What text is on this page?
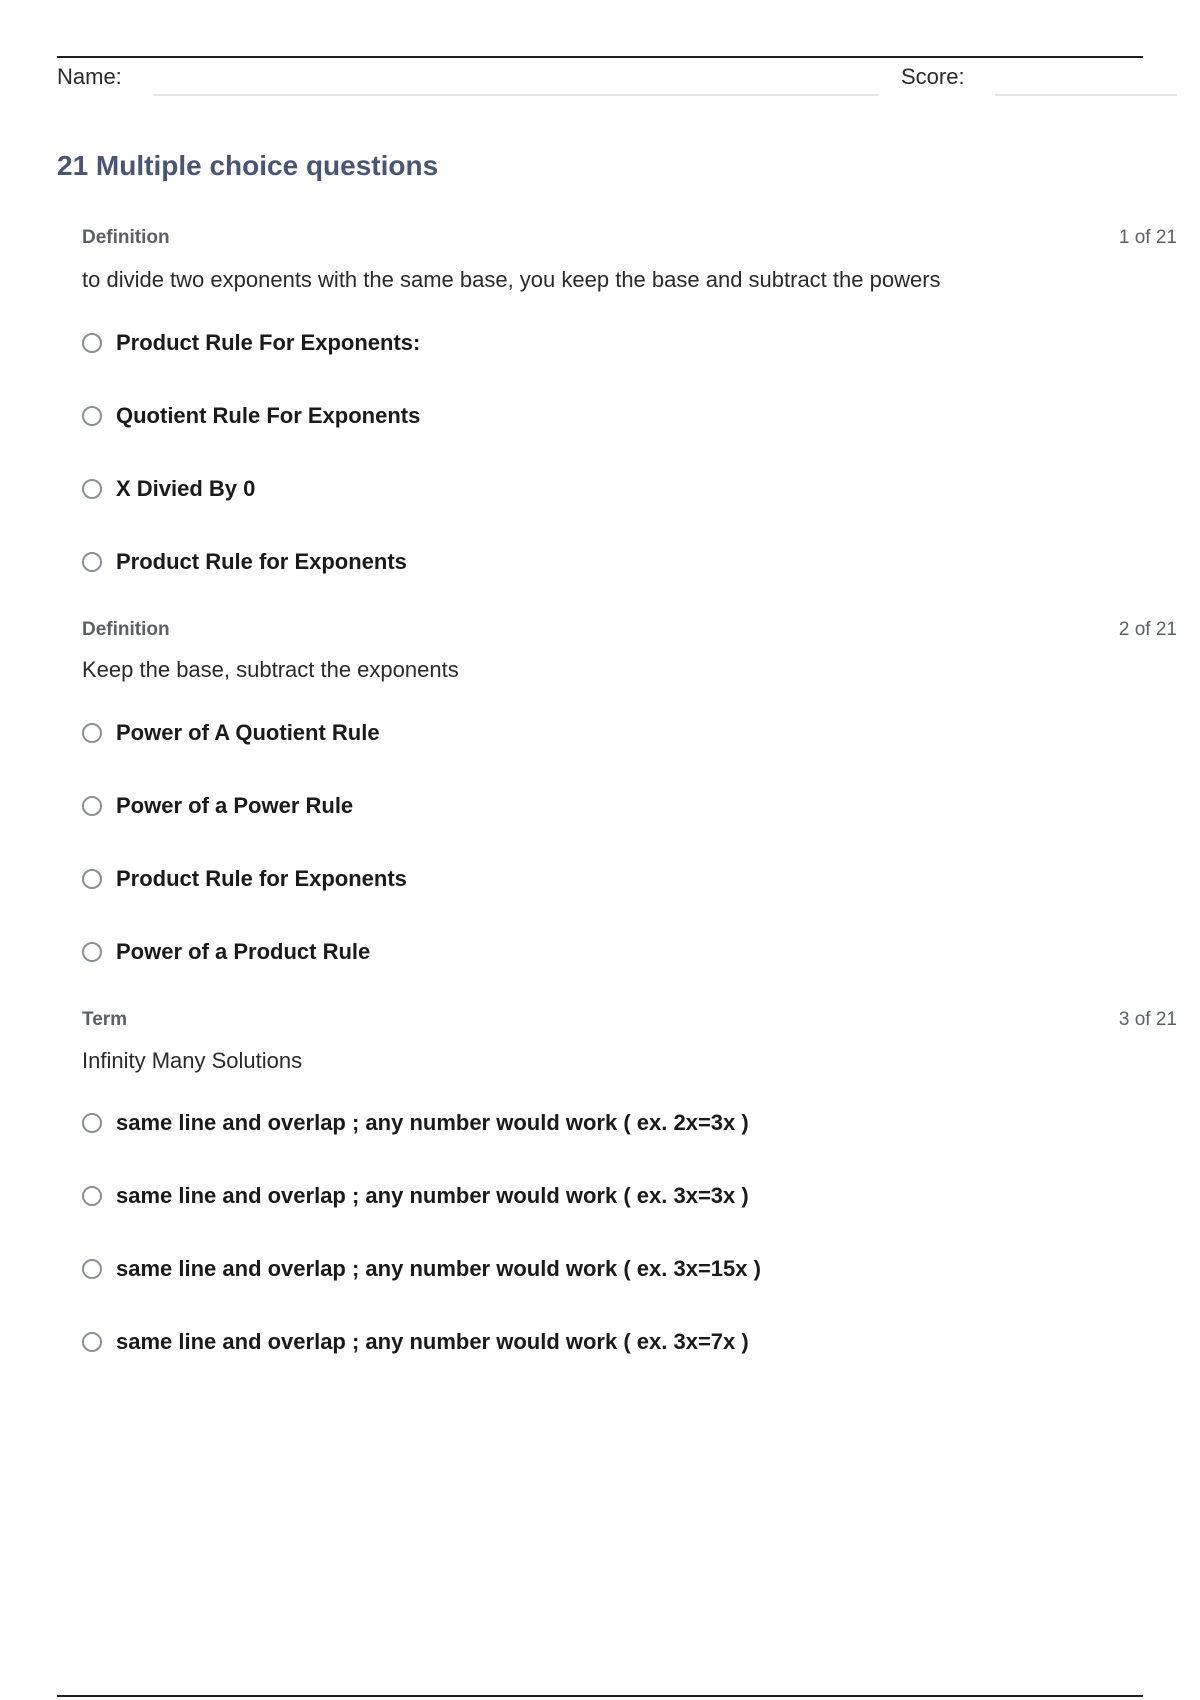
Name:	Score:
21 Multiple choice questions
Definition	1 of 21
to divide two exponents with the same base, you keep the base and subtract the powers
Product Rule For Exponents:
Quotient Rule For Exponents
X Divied By 0
Product Rule for Exponents
Definition	2 of 21
Keep the base, subtract the exponents
Power of A Quotient Rule
Power of a Power Rule
Product Rule for Exponents
Power of a Product Rule
Term	3 of 21
Infinity Many Solutions
same line and overlap ; any number would work ( ex. 2x=3x )
same line and overlap ; any number would work ( ex. 3x=3x )
same line and overlap ; any number would work ( ex. 3x=15x )
same line and overlap ; any number would work ( ex. 3x=7x )
